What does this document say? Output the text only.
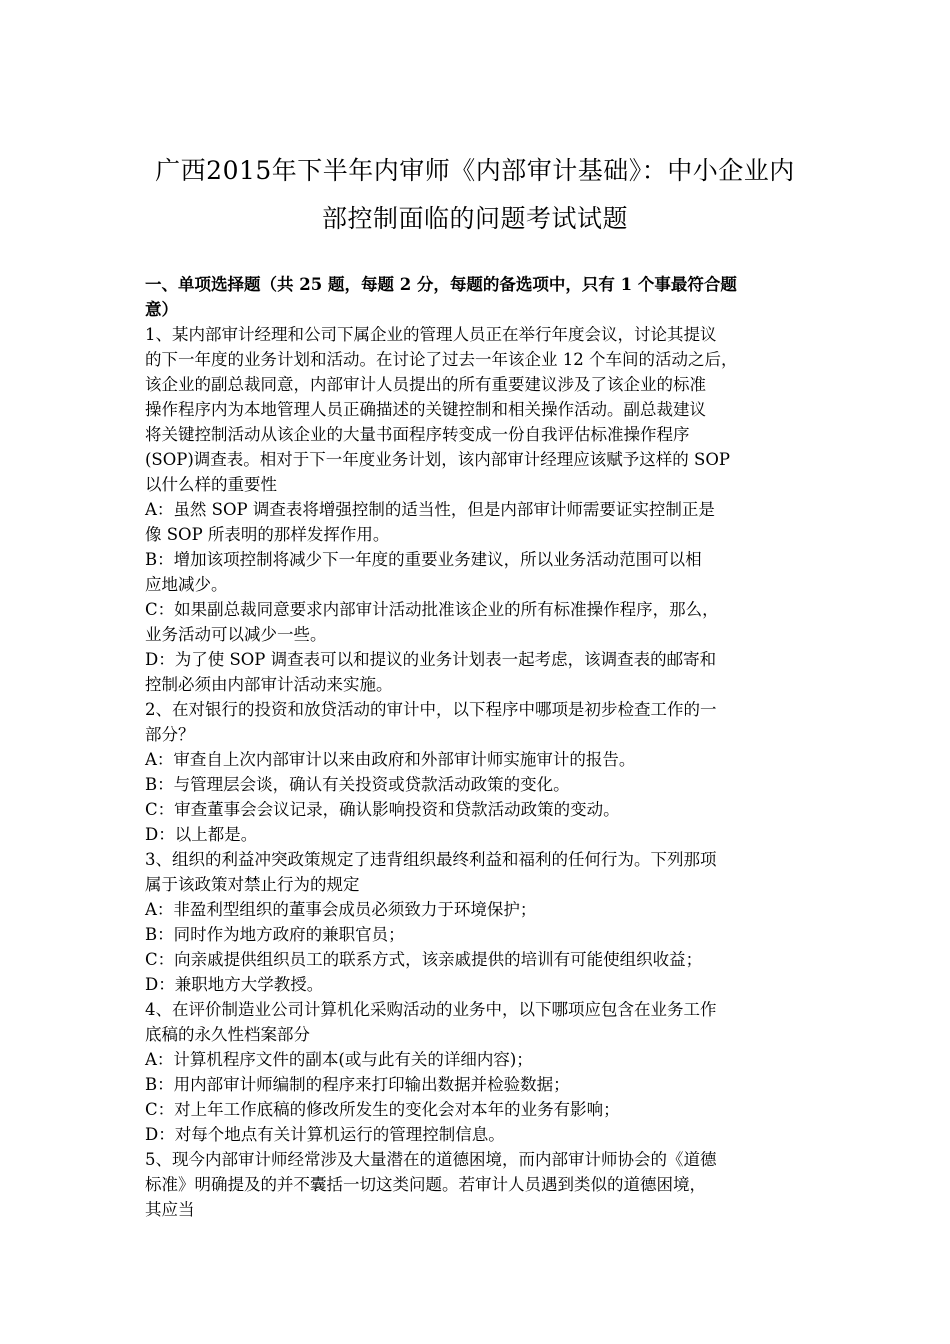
广西2015年下半年内审师《内部审计基础》：中小企业内
部控制面临的问题考试试题
一、单项选择题（共 25 题，每题 2 分，每题的备选项中，只有 1 个事最符合题
意）
1、某内部审计经理和公司下属企业的管理人员正在举行年度会议，讨论其提议
的下一年度的业务计划和活动。在讨论了过去一年该企业 12 个车间的活动之后，
该企业的副总裁同意，内部审计人员提出的所有重要建议涉及了该企业的标准
操作程序内为本地管理人员正确描述的关键控制和相关操作活动。副总裁建议
将关键控制活动从该企业的大量书面程序转变成一份自我评估标准操作程序
(SOP)调查表。相对于下一年度业务计划，该内部审计经理应该赋予这样的 SOP
以什么样的重要性
A：虽然 SOP 调查表将增强控制的适当性，但是内部审计师需要证实控制正是
像 SOP 所表明的那样发挥作用。
B：增加该项控制将减少下一年度的重要业务建议，所以业务活动范围可以相
应地减少。
C：如果副总裁同意要求内部审计活动批准该企业的所有标准操作程序，那么，
业务活动可以减少一些。
D：为了使 SOP 调查表可以和提议的业务计划表一起考虑，该调查表的邮寄和
控制必须由内部审计活动来实施。
2、在对银行的投资和放贷活动的审计中，以下程序中哪项是初步检查工作的一
部分？
A：审查自上次内部审计以来由政府和外部审计师实施审计的报告。
B：与管理层会谈，确认有关投资或贷款活动政策的变化。
C：审查董事会会议记录，确认影响投资和贷款活动政策的变动。
D：以上都是。
3、组织的利益冲突政策规定了违背组织最终利益和福利的任何行为。下列那项
属于该政策对禁止行为的规定
A：非盈利型组织的董事会成员必须致力于环境保护；
B：同时作为地方政府的兼职官员；
C：向亲戚提供组织员工的联系方式，该亲戚提供的培训有可能使组织收益；
D：兼职地方大学教授。
4、在评价制造业公司计算机化采购活动的业务中，以下哪项应包含在业务工作
底稿的永久性档案部分
A：计算机程序文件的副本(或与此有关的详细内容)；
B：用内部审计师编制的程序来打印输出数据并检验数据；
C：对上年工作底稿的修改所发生的变化会对本年的业务有影响；
D：对每个地点有关计算机运行的管理控制信息。
5、现今内部审计师经常涉及大量潜在的道德困境，而内部审计师协会的《道德
标准》明确提及的并不囊括一切这类问题。若审计人员遇到类似的道德困境，
其应当
